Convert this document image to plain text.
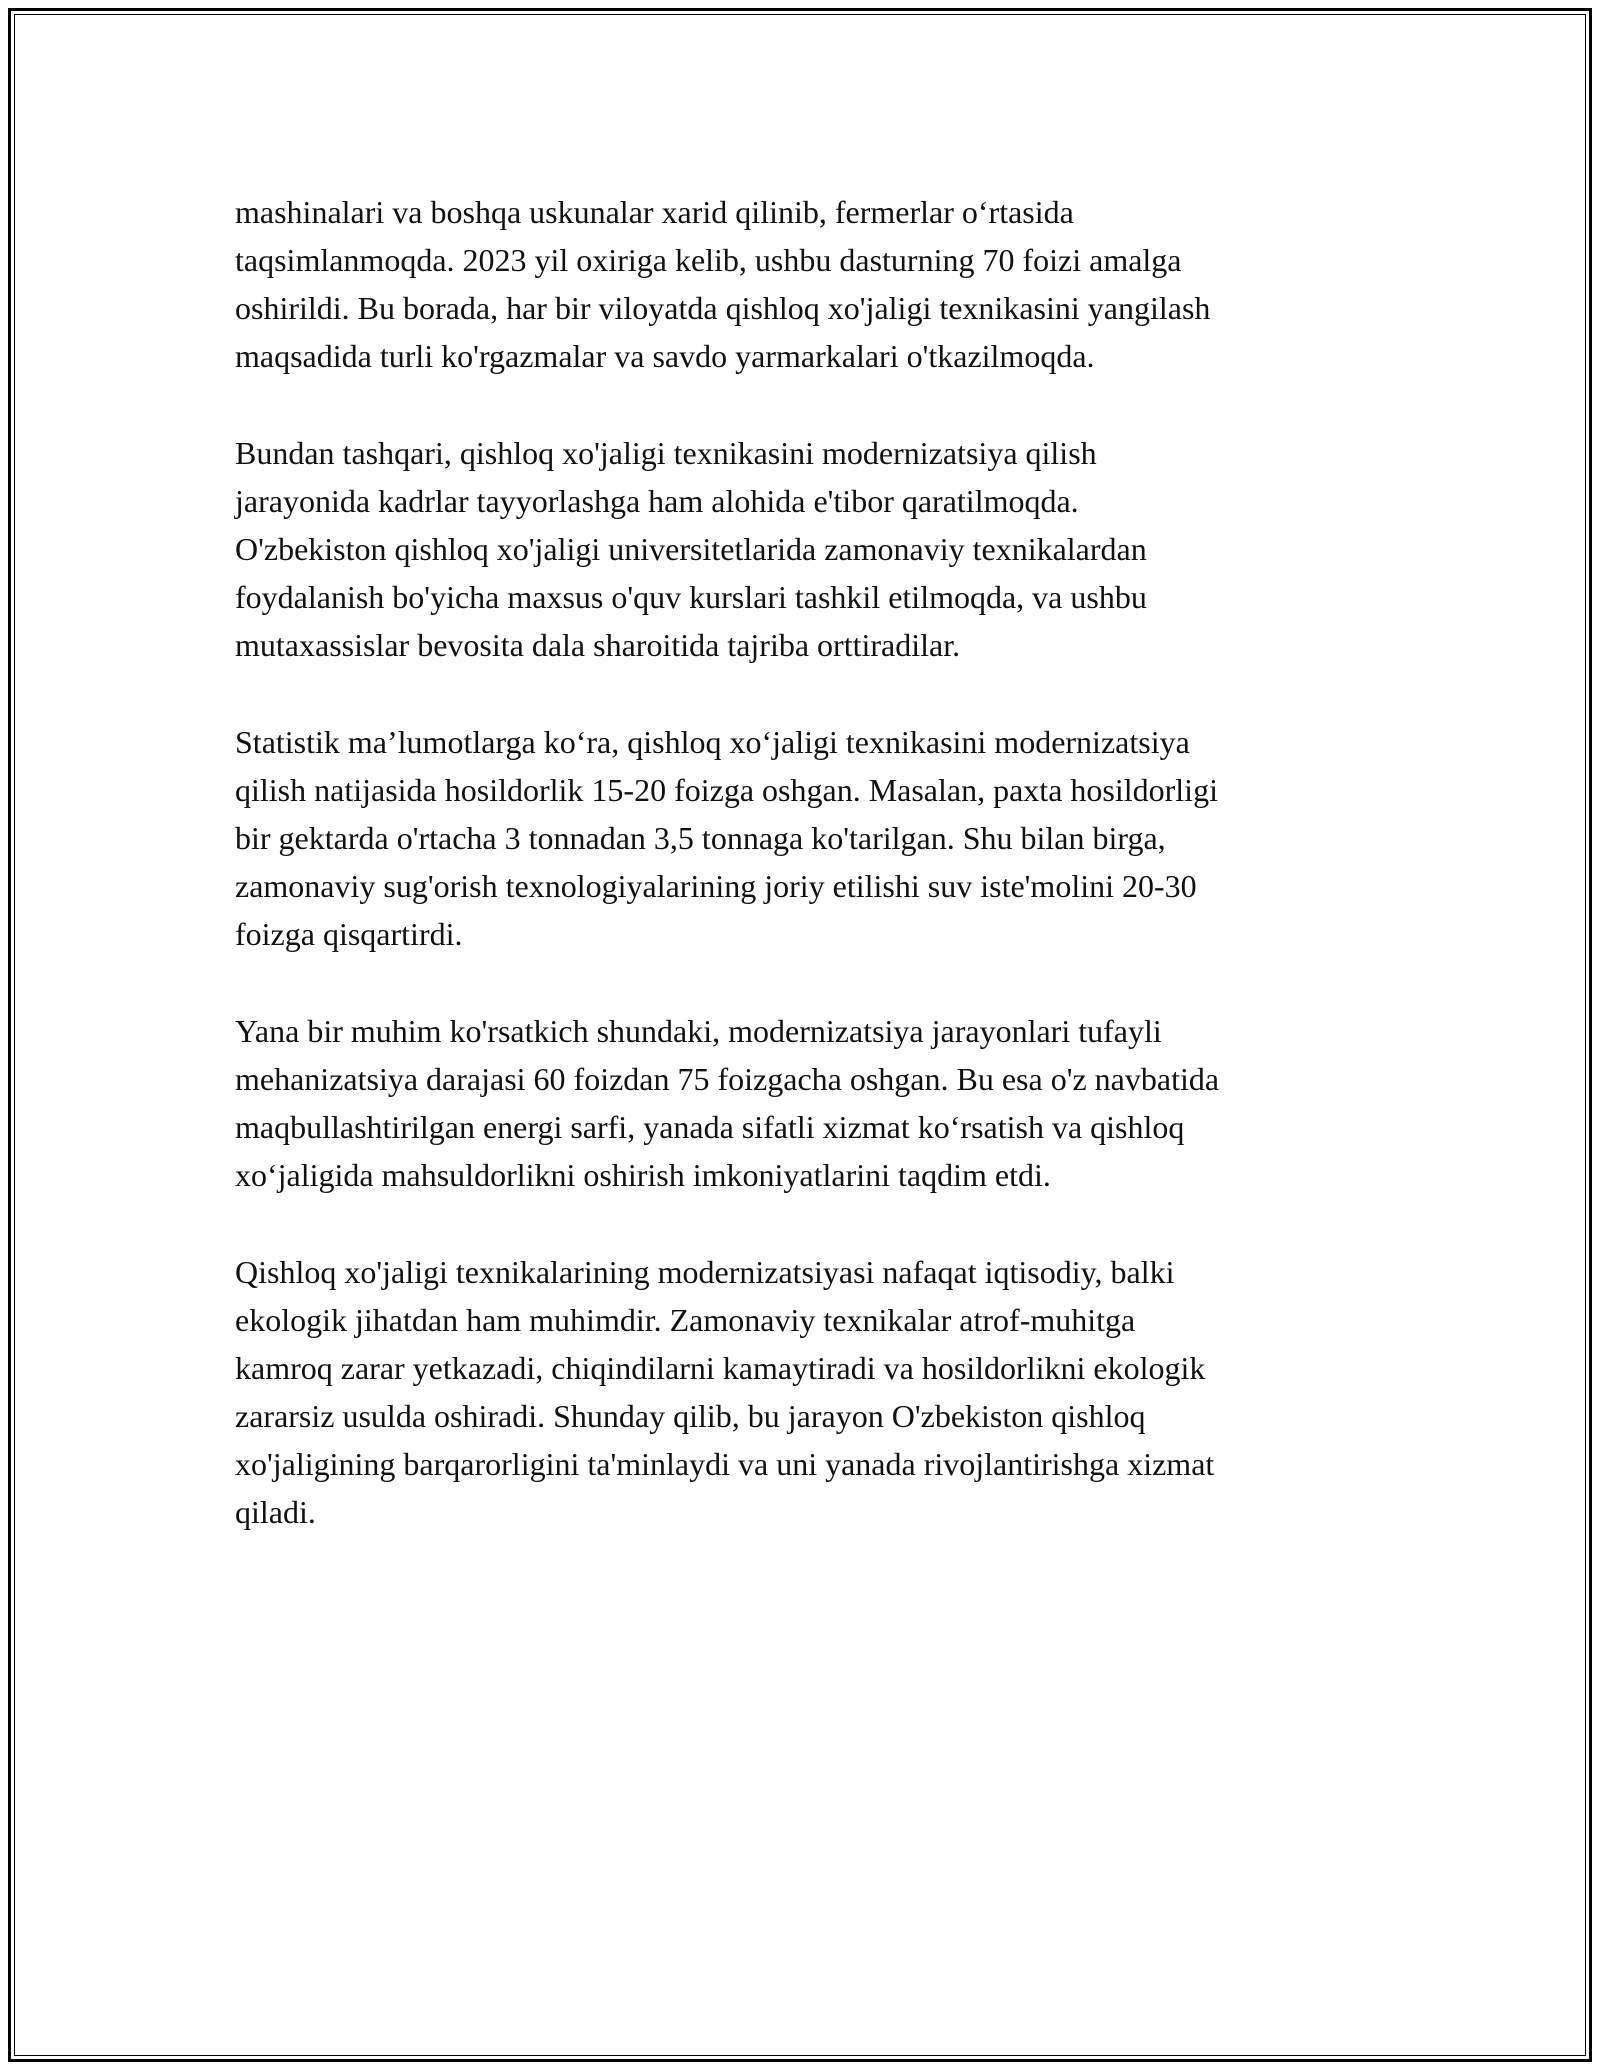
mashinalari va boshqa uskunalar xarid qilinib, fermerlar o‘rtasida
taqsimlanmoqda. 2023 yil oxiriga kelib, ushbu dasturning 70 foizi amalga
oshirildi. Bu borada, har bir viloyatda qishloq xo'jaligi texnikasini yangilash
maqsadida turli ko'rgazmalar va savdo yarmarkalari o'tkazilmoqda.

Bundan tashqari, qishloq xo'jaligi texnikasini modernizatsiya qilish
jarayonida kadrlar tayyorlashga ham alohida e'tibor qaratilmoqda.
O'zbekiston qishloq xo'jaligi universitetlarida zamonaviy texnikalardan
foydalanish bo'yicha maxsus o'quv kurslari tashkil etilmoqda, va ushbu
mutaxassislar bevosita dala sharoitida tajriba orttiradilar.

Statistik ma’lumotlarga ko‘ra, qishloq xo‘jaligi texnikasini modernizatsiya
qilish natijasida hosildorlik 15-20 foizga oshgan. Masalan, paxta hosildorligi
bir gektarda o'rtacha 3 tonnadan 3,5 tonnaga ko'tarilgan. Shu bilan birga,
zamonaviy sug'orish texnologiyalarining joriy etilishi suv iste'molini 20-30
foizga qisqartirdi.

Yana bir muhim ko'rsatkich shundaki, modernizatsiya jarayonlari tufayli
mehanizatsiya darajasi 60 foizdan 75 foizgacha oshgan. Bu esa o'z navbatida
maqbullashtirilgan energi sarfi, yanada sifatli xizmat ko‘rsatish va qishloq
xo‘jaligida mahsuldorlikni oshirish imkoniyatlarini taqdim etdi.

Qishloq xo'jaligi texnikalarining modernizatsiyasi nafaqat iqtisodiy, balki
ekologik jihatdan ham muhimdir. Zamonaviy texnikalar atrof-muhitga
kamroq zarar yetkazadi, chiqindilarni kamaytiradi va hosildorlikni ekologik
zararsiz usulda oshiradi. Shunday qilib, bu jarayon O'zbekiston qishloq
xo'jaligining barqarorligini ta'minlaydi va uni yanada rivojlantirishga xizmat
qiladi.
